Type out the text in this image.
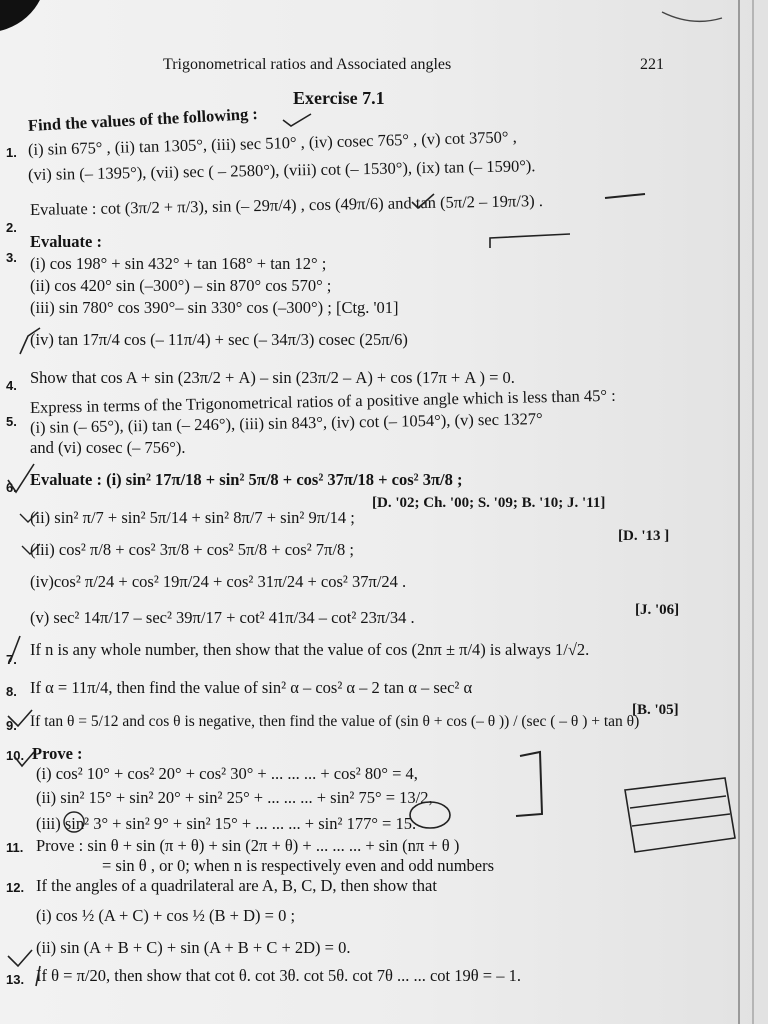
Trigonometrical ratios and Associated angles	221
Exercise 7.1
1.
Find the values of the following :
(i) sin 675° , (ii) tan 1305°, (iii) sec 510° , (iv) cosec 765° , (v) cot 3750° ,
(vi) sin (– 1395°), (vii) sec ( – 2580°), (viii) cot (– 1530°), (ix) tan (– 1590°).
2.
Evaluate : cot (3π/2 + π/3), sin (– 29π/4) , cos (49π/6) and tan (5π/2 – 19π/3) .
3.
Evaluate :
(i) cos 198° + sin 432° + tan 168° + tan 12° ;
(ii) cos 420° sin (–300°) – sin 870° cos 570° ;
(iii) sin 780° cos 390°– sin 330° cos (–300°) ; [Ctg. '01]
(iv) tan 17π/4 cos (– 11π/4) + sec (– 34π/3) cosec (25π/6)
4. Show that cos A + sin (23π/2 + A) – sin (23π/2 – A) + cos (17π + A ) = 0.
5.
Express in terms of the Trigonometrical ratios of a positive angle which is less than 45° :
(i) sin (– 65°), (ii) tan (– 246°), (iii) sin 843°, (iv) cot (– 1054°), (v) sec 1327°
and (vi) cosec (– 756°).
6. Evaluate : (i) sin² 17π/18 + sin² 5π/8 + cos² 37π/18 + cos² 3π/8 ;
(ii) sin² π/7 + sin² 5π/14 + sin² 8π/7 + sin² 9π/14 ;
[D. '02; Ch. '00; S. '09; B. '10; J. '11]
(iii) cos² π/8 + cos² 3π/8 + cos² 5π/8 + cos² 7π/8 ;
[D. '13 ]
(iv)cos² π/24 + cos² 19π/24 + cos² 31π/24 + cos² 37π/24 .
(v) sec² 14π/17 – sec² 39π/17 + cot² 41π/34 – cot² 23π/34 .	[J. '06]
7.
If n is any whole number, then show that the value of cos (2nπ ± π/4) is always 1/√2.
8. If α = 11π/4, then find the value of sin² α – cos² α – 2 tan α – sec² α
9. If tan θ = 5/12 and cos θ is negative, then find the value of (sin θ + cos (– θ )) / (sec ( – θ ) + tan θ)
[B. '05]
10. Prove :
(i) cos² 10° + cos² 20° + cos² 30° + ... ... ... + cos² 80° = 4,
(ii) sin² 15° + sin² 20° + sin² 25° + ... ... ... + sin² 75° = 13/2,
(iii) sin² 3° + sin² 9° + sin² 15° + ... ... ... + sin² 177° = 15.
11. Prove : sin θ + sin (π + θ) + sin (2π + θ) + ... ... ... + sin (nπ + θ )
= sin θ , or 0; when n is respectively even and odd numbers
12. If the angles of a quadrilateral are A, B, C, D, then show that
(i) cos ½ (A + C) + cos ½ (B + D) = 0 ;
(ii) sin (A + B + C) + sin (A + B + C + 2D) = 0.
13. If θ = π/20, then show that cot θ. cot 3θ. cot 5θ. cot 7θ ... ... cot 19θ = – 1.
